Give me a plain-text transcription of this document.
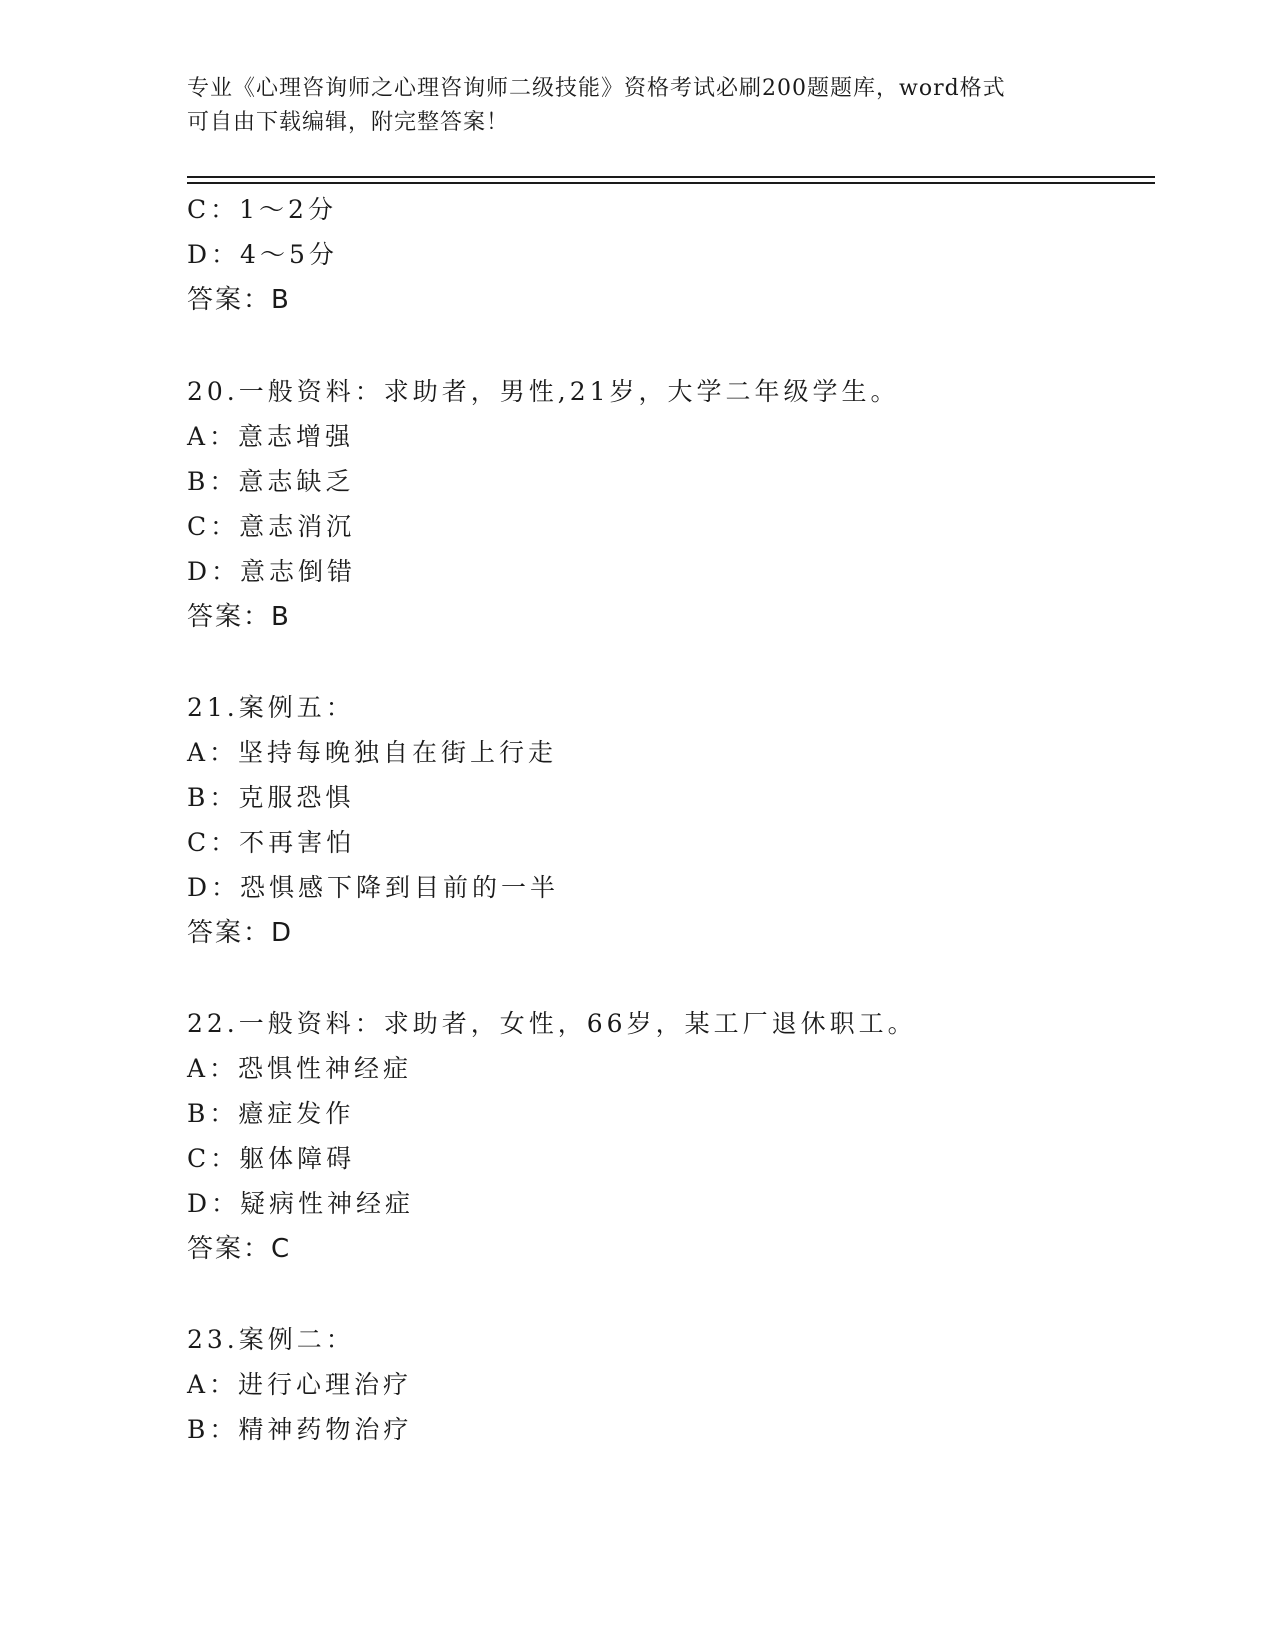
专业《心理咨询师之心理咨询师二级技能》资格考试必刷200题题库，word格式
可自由下载编辑，附完整答案！
C：1～2分
D：4～5分
答案：B
20.一般资料：求助者，男性,21岁，大学二年级学生。
A：意志增强
B：意志缺乏
C：意志消沉
D：意志倒错
答案：B
21.案例五：
A：坚持每晚独自在街上行走
B：克服恐惧
C：不再害怕
D：恐惧感下降到目前的一半
答案：D
22.一般资料：求助者，女性，66岁，某工厂退休职工。
A：恐惧性神经症
B：癔症发作
C：躯体障碍
D：疑病性神经症
答案：C
23.案例二：
A：进行心理治疗
B：精神药物治疗
